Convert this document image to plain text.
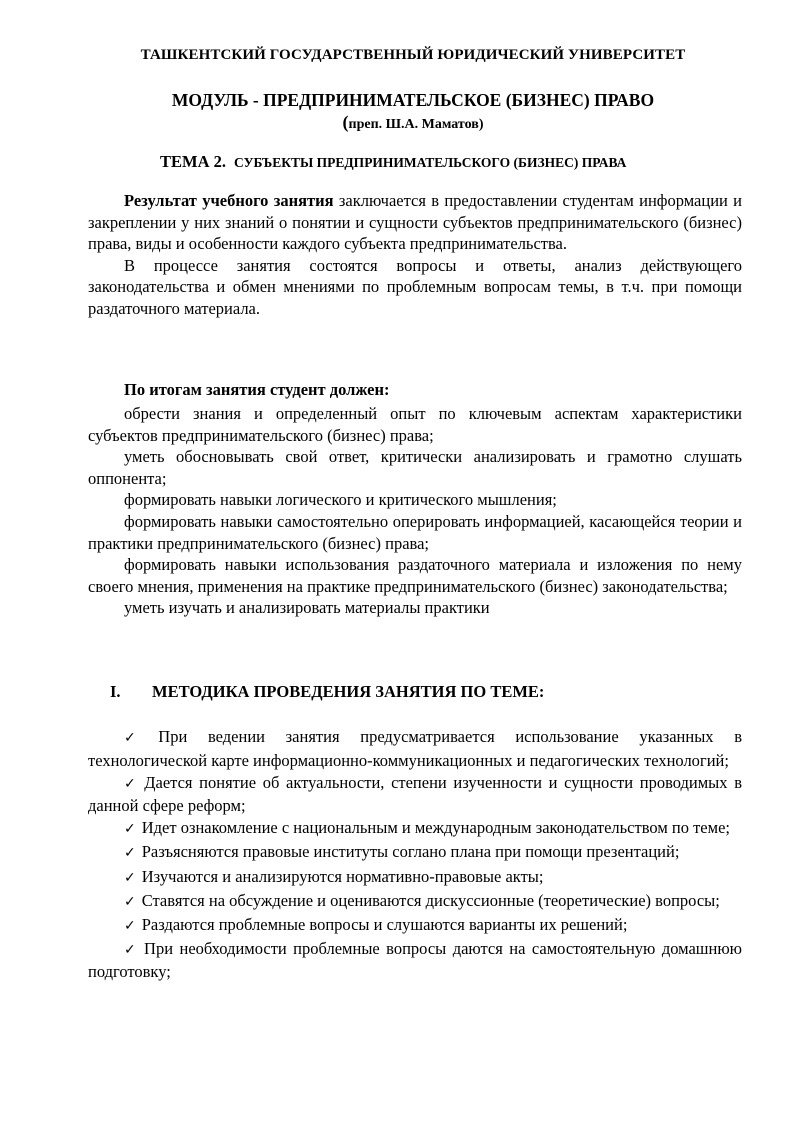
ТАШКЕНТСКИЙ ГОСУДАРСТВЕННЫЙ ЮРИДИЧЕСКИЙ УНИВЕРСИТЕТ
МОДУЛЬ - ПРЕДПРИНИМАТЕЛЬСКОЕ (БИЗНЕС) ПРАВО
(преп. Ш.А. Маматов)
ТЕМА 2. СУБЪЕКТЫ ПРЕДПРИНИМАТЕЛЬСКОГО (БИЗНЕС) ПРАВА

Результат учебного занятия заключается в предоставлении студентам информации и закреплении у них знаний о понятии и сущности субъектов предпринимательского (бизнес) права, виды и особенности каждого субъекта предпринимательства.

В процессе занятия состоятся вопросы и ответы, анализ действующего законодательства и обмен мнениями по проблемным вопросам темы, в т.ч. при помощи раздаточного материала.

По итогам занятия студент должен:

обрести знания и определенный опыт по ключевым аспектам характеристики субъектов предпринимательского (бизнес) права;

уметь обосновывать свой ответ, критически анализировать и грамотно слушать оппонента;

формировать навыки логического и критического мышления;

формировать навыки самостоятельно оперировать информацией, касающейся теории и практики предпринимательского (бизнес) права;

формировать навыки использования раздаточного материала и изложения по нему своего мнения, применения на практике предпринимательского (бизнес) законодательства;

уметь изучать и анализировать материалы практики

I. МЕТОДИКА ПРОВЕДЕНИЯ ЗАНЯТИЯ ПО ТЕМЕ:

✓ При ведении занятия предусматривается использование указанных в технологической карте информационно-коммуникационных и педагогических технологий;

✓ Дается понятие об актуальности, степени изученности и сущности проводимых в данной сфере реформ;

✓ Идет ознакомление с национальным и международным законодательством по теме;

✓ Разъясняются правовые институты соглано плана при помощи презентаций;

✓ Изучаются и анализируются нормативно-правовые акты;

✓ Ставятся на обсуждение и оцениваются дискуссионные (теоретические) вопросы;

✓ Раздаются проблемные вопросы и слушаются варианты их решений;

✓ При необходимости проблемные вопросы даются на самостоятельную домашнюю подготовку;
